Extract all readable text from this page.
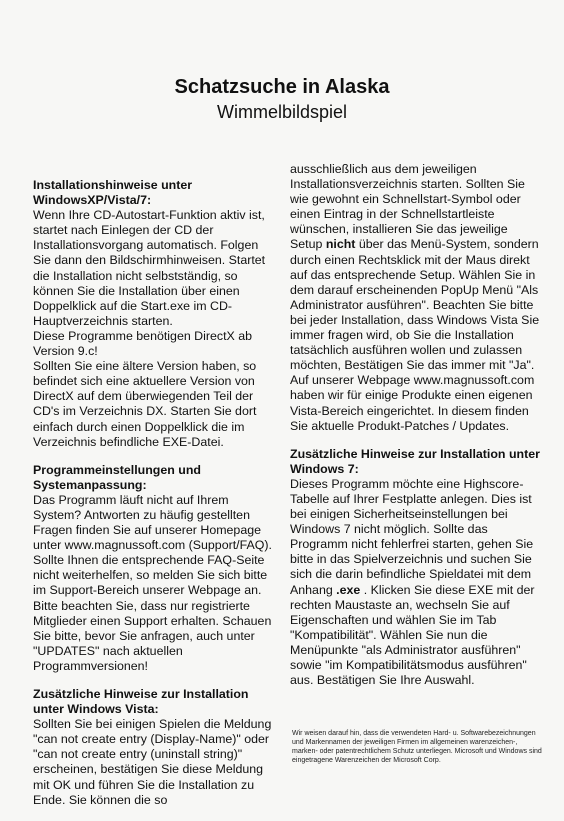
Schatzsuche in Alaska
Wimmelbildspiel

Installationshinweise unter WindowsXP/Vista/7:

Wenn Ihre CD-Autostart-Funktion aktiv ist, startet nach Einlegen der CD der Installationsvorgang automatisch. Folgen Sie dann den Bildschirmhinweisen. Startet die Installation nicht selbstständig, so können Sie die Installation über einen Doppelklick auf die Start.exe im CD-Hauptverzeichnis starten.

Diese Programme benötigen DirectX ab Version 9.c!

Sollten Sie eine ältere Version haben, so befindet sich eine aktuellere Version von DirectX auf dem überwiegenden Teil der CD's im Verzeichnis DX. Starten Sie dort einfach durch einen Doppelklick die im Verzeichnis befindliche EXE-Datei.

Programmeinstellungen und Systemanpassung:

Das Programm läuft nicht auf Ihrem System? Antworten zu häufig gestellten Fragen finden Sie auf unserer Homepage unter www.magnussoft.com (Support/FAQ). Sollte Ihnen die entsprechende FAQ-Seite nicht weiterhelfen, so melden Sie sich bitte im Support-Bereich unserer Webpage an. Bitte beachten Sie, dass nur registrierte Mitglieder einen Support erhalten. Schauen Sie bitte, bevor Sie anfragen, auch unter "UPDATES" nach aktuellen Programmversionen!

Zusätzliche Hinweise zur Installation unter Windows Vista:

Sollten Sie bei einigen Spielen die Meldung "can not create entry (Display-Name)" oder "can not create entry (uninstall string)" erscheinen, bestätigen Sie diese Meldung mit OK und führen Sie die Installation zu Ende. Sie können die so

ausschließlich aus dem jeweiligen Installationsverzeichnis starten. Sollten Sie wie gewohnt ein Schnellstart-Symbol oder einen Eintrag in der Schnellstartleiste wünschen, installieren Sie das jeweilige Setup nicht über das Menü-System, sondern durch einen Rechtsklick mit der Maus direkt auf das entsprechende Setup. Wählen Sie in dem darauf erscheinenden PopUp Menü "Als Administrator ausführen". Beachten Sie bitte bei jeder Installation, dass Windows Vista Sie immer fragen wird, ob Sie die Installation tatsächlich ausführen wollen und zulassen möchten, Bestätigen Sie das immer mit "Ja".

Auf unserer Webpage www.magnussoft.com haben wir für einige Produkte einen eigenen Vista-Bereich eingerichtet. In diesem finden Sie aktuelle Produkt-Patches / Updates.

Zusätzliche Hinweise zur Installation unter Windows 7:

Dieses Programm möchte eine Highscore-Tabelle auf Ihrer Festplatte anlegen. Dies ist bei einigen Sicherheitseinstellungen bei Windows 7 nicht möglich. Sollte das Programm nicht fehlerfrei starten, gehen Sie bitte in das Spielverzeichnis und suchen Sie sich die darin befindliche Spieldatei mit dem Anhang .exe . Klicken Sie diese EXE mit der rechten Maustaste an, wechseln Sie auf Eigenschaften und wählen Sie im Tab "Kompatibilität". Wählen Sie nun die Menüpunkte "als Administrator ausführen" sowie "im Kompatibilitätsmodus ausführen" aus. Bestätigen Sie Ihre Auswahl.

Wir weisen darauf hin, dass die verwendeten Hard- u. Softwarebezeichnungen und Markennamen der jeweiligen Firmen im allgemeinen warenzeichen-, marken- oder patentrechtlichem Schutz unterliegen. Microsoft und Windows sind eingetragene Warenzeichen der Microsoft Corp.
